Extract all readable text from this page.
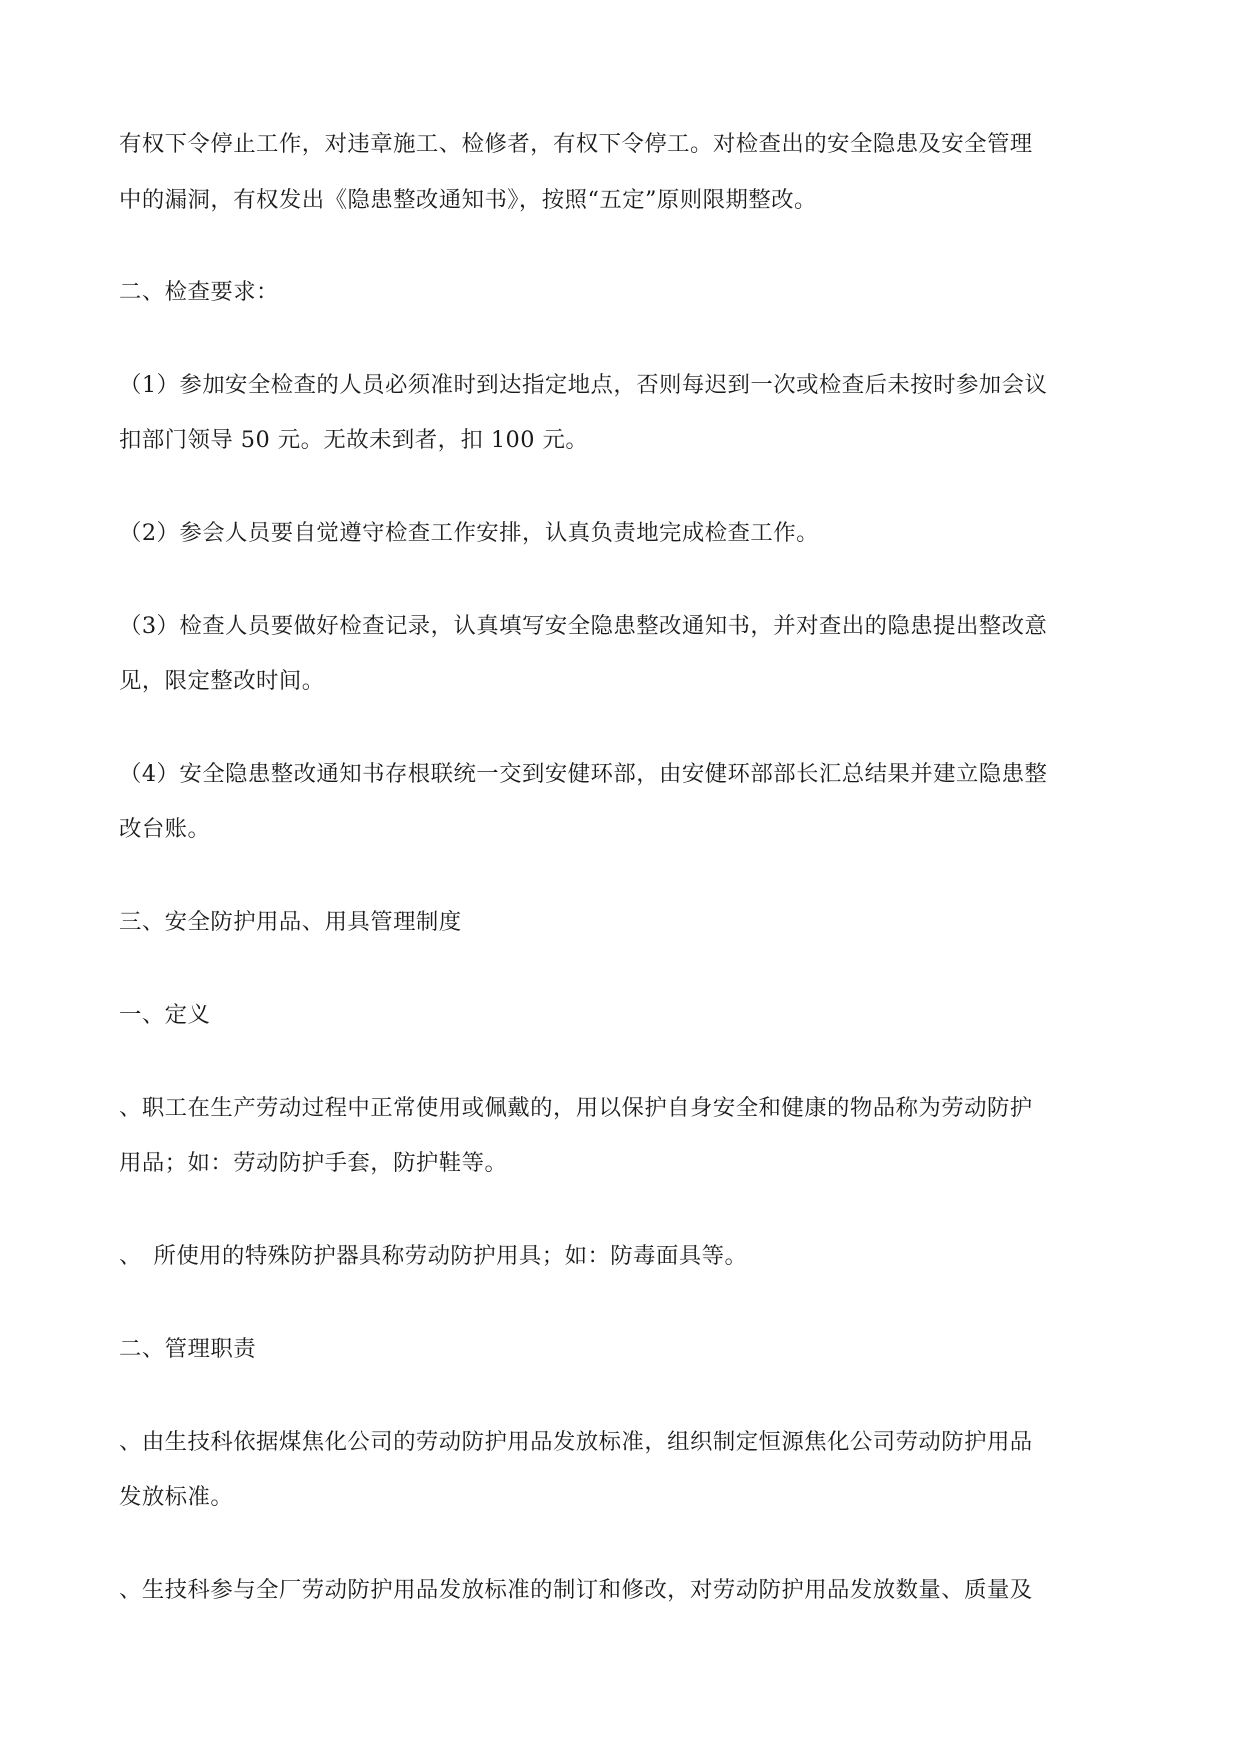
有权下令停止工作，对违章施工、检修者，有权下令停工。对检查出的安全隐患及安全管理

中的漏洞，有权发出《隐患整改通知书》，按照“五定”原则限期整改。

二、检查要求：

（1）参加安全检查的人员必须准时到达指定地点，否则每迟到一次或检查后未按时参加会议

扣部门领导 50 元。无故未到者，扣 100 元。

（2）参会人员要自觉遵守检查工作安排，认真负责地完成检查工作。

（3）检查人员要做好检查记录，认真填写安全隐患整改通知书，并对查出的隐患提出整改意

见，限定整改时间。

（4）安全隐患整改通知书存根联统一交到安健环部，由安健环部部长汇总结果并建立隐患整

改台账。

三、安全防护用品、用具管理制度

一、定义

、职工在生产劳动过程中正常使用或佩戴的，用以保护自身安全和健康的物品称为劳动防护

用品；如：劳动防护手套，防护鞋等。

、　所使用的特殊防护器具称劳动防护用具；如：防毒面具等。

二、管理职责

、由生技科依据煤焦化公司的劳动防护用品发放标准，组织制定恒源焦化公司劳动防护用品

发放标准。

、生技科参与全厂劳动防护用品发放标准的制订和修改，对劳动防护用品发放数量、质量及
